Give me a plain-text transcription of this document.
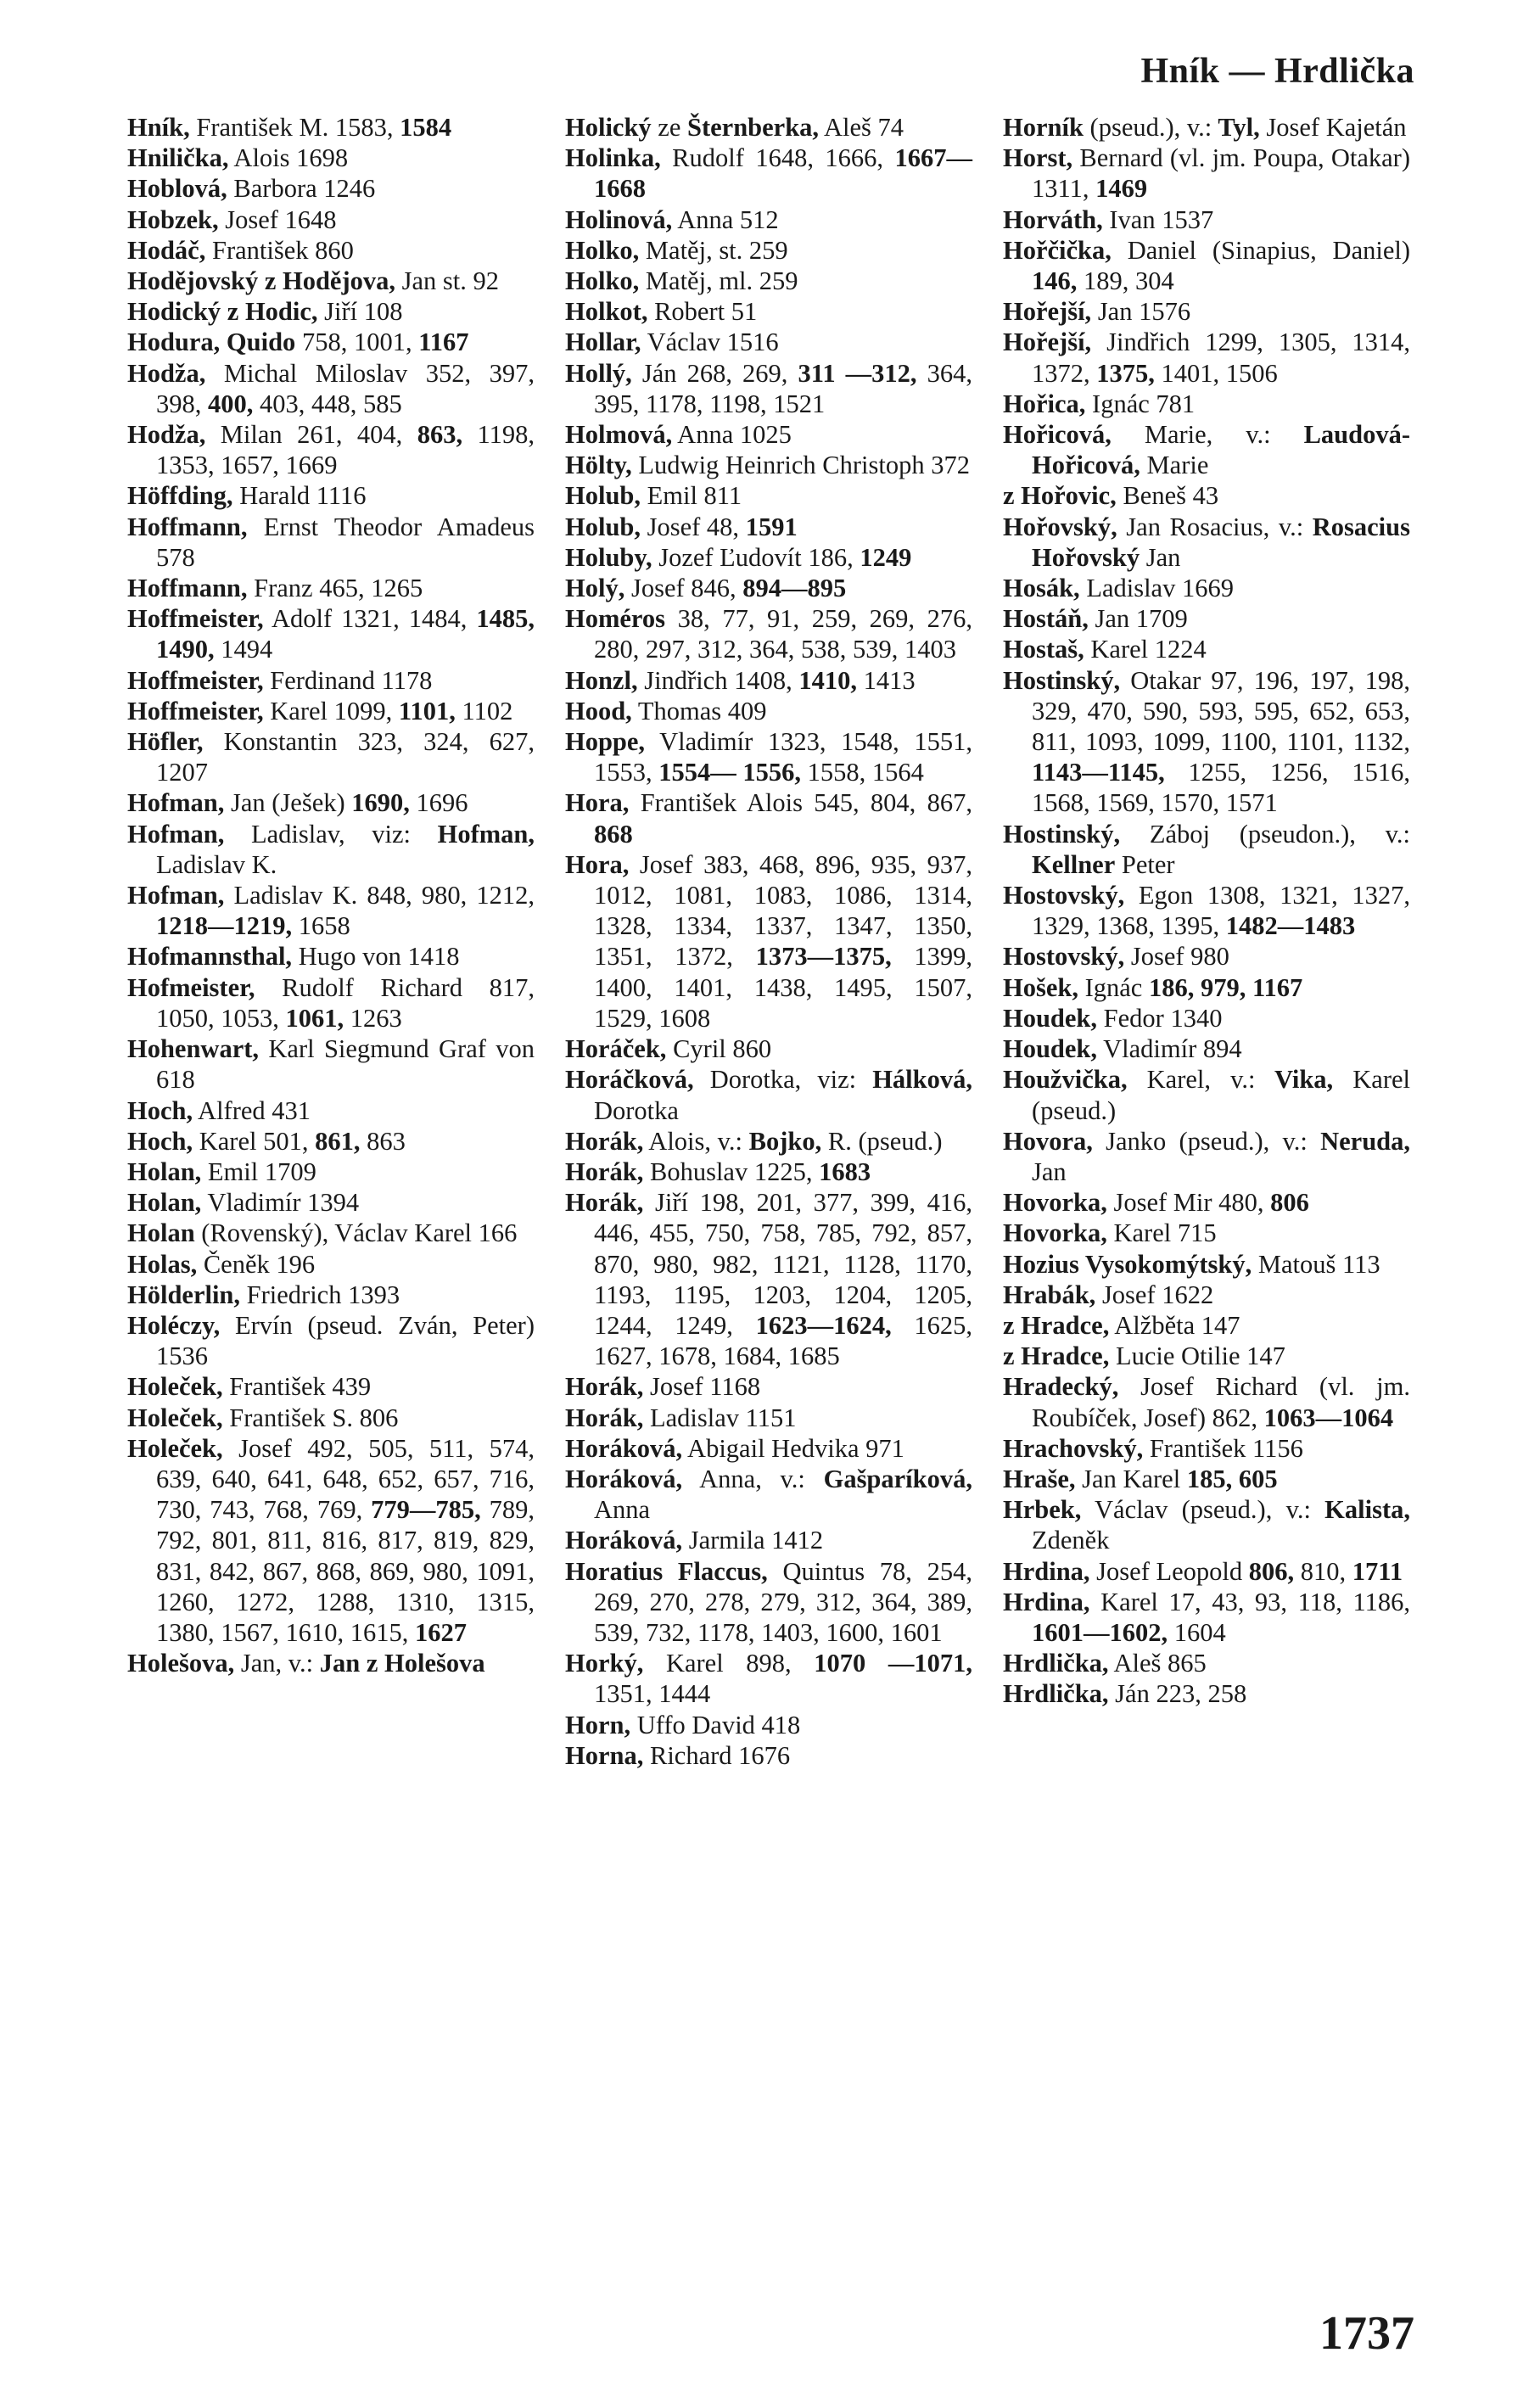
Hník — Hrdlička
Hník, František M. 1583, 1584
Hnilička, Alois 1698
Hoblová, Barbora 1246
Hobzek, Josef 1648
Hodáč, František 860
Hodějovský z Hodějova, Jan st. 92
Hodický z Hodic, Jiří 108
Hodura, Quido 758, 1001, 1167
Hodža, Michal Miloslav 352, 397, 398, 400, 403, 448, 585
Hodža, Milan 261, 404, 863, 1198, 1353, 1657, 1669
Höffding, Harald 1116
Hoffmann, Ernst Theodor Amadeus 578
Hoffmann, Franz 465, 1265
Hoffmeister, Adolf 1321, 1484, 1485, 1490, 1494
Hoffmeister, Ferdinand 1178
Hoffmeister, Karel 1099, 1101, 1102
Höfler, Konstantin 323, 324, 627, 1207
Hofman, Jan (Ješek) 1690, 1696
Hofman, Ladislav, viz: Hofman, Ladislav K.
Hofman, Ladislav K. 848, 980, 1212, 1218—1219, 1658
Hofmannsthal, Hugo von 1418
Hofmeister, Rudolf Richard 817, 1050, 1053, 1061, 1263
Hohenwart, Karl Siegmund Graf von 618
Hoch, Alfred 431
Hoch, Karel 501, 861, 863
Holan, Emil 1709
Holan, Vladimír 1394
Holan (Rovenský), Václav Karel 166
Holas, Čeněk 196
Hölderlin, Friedrich 1393
Holéczy, Ervín (pseud. Zván, Peter) 1536
Holeček, František 439
Holeček, František S. 806
Holeček, Josef 492, 505, 511, 574, 639, 640, 641, 648, 652, 657, 716, 730, 743, 768, 769, 779—785, 789, 792, 801, 811, 816, 817, 819, 829, 831, 842, 867, 868, 869, 980, 1091, 1260, 1272, 1288, 1310, 1315, 1380, 1567, 1610, 1615, 1627
Holešova, Jan, v.: Jan z Holešova
Holický ze Šternberka, Aleš 74
Holinka, Rudolf 1648, 1666, 1667—1668
Holinová, Anna 512
Holko, Matěj, st. 259
Holko, Matěj, ml. 259
Holkot, Robert 51
Hollar, Václav 1516
Hollý, Ján 268, 269, 311 —312, 364, 395, 1178, 1198, 1521
Holmová, Anna 1025
Hölty, Ludwig Heinrich Christoph 372
Holub, Emil 811
Holub, Josef 48, 1591
Holuby, Jozef Ľudovít 186, 1249
Holý, Josef 846, 894—895
Homéros 38, 77, 91, 259, 269, 276, 280, 297, 312, 364, 538, 539, 1403
Honzl, Jindřich 1408, 1410, 1413
Hood, Thomas 409
Hoppe, Vladimír 1323, 1548, 1551, 1553, 1554— 1556, 1558, 1564
Hora, František Alois 545, 804, 867, 868
Hora, Josef 383, 468, 896, 935, 937, 1012, 1081, 1083, 1086, 1314, 1328, 1334, 1337, 1347, 1350, 1351, 1372, 1373—1375, 1399, 1400, 1401, 1438, 1495, 1507, 1529, 1608
Horáček, Cyril 860
Horáčková, Dorotka, viz: Hálková, Dorotka
Horák, Alois, v.: Bojko, R. (pseud.)
Horák, Bohuslav 1225, 1683
Horák, Jiří 198, 201, 377, 399, 416, 446, 455, 750, 758, 785, 792, 857, 870, 980, 982, 1121, 1128, 1170, 1193, 1195, 1203, 1204, 1205, 1244, 1249, 1623—1624, 1625, 1627, 1678, 1684, 1685
Horák, Josef 1168
Horák, Ladislav 1151
Horáková, Abigail Hedvika 971
Horáková, Anna, v.: Gašparíková, Anna
Horáková, Jarmila 1412
Horatius Flaccus, Quintus 78, 254, 269, 270, 278, 279, 312, 364, 389, 539, 732, 1178, 1403, 1600, 1601
Horký, Karel 898, 1070 —1071, 1351, 1444
Horn, Uffo David 418
Horna, Richard 1676
Horník (pseud.), v.: Tyl, Josef Kajetán
Horst, Bernard (vl. jm. Poupa, Otakar) 1311, 1469
Horváth, Ivan 1537
Hořčička, Daniel (Sinapius, Daniel) 146, 189, 304
Hořejší, Jan 1576
Hořejší, Jindřich 1299, 1305, 1314, 1372, 1375, 1401, 1506
Hořica, Ignác 781
Hořicová, Marie, v.: Laudová-Hořicová, Marie
z Hořovic, Beneš 43
Hořovský, Jan Rosacius, v.: Rosacius Hořovský Jan
Hosák, Ladislav 1669
Hostáň, Jan 1709
Hostaš, Karel 1224
Hostinský, Otakar 97, 196, 197, 198, 329, 470, 590, 593, 595, 652, 653, 811, 1093, 1099, 1100, 1101, 1132, 1143—1145, 1255, 1256, 1516, 1568, 1569, 1570, 1571
Hostinský, Záboj (pseudon.), v.: Kellner Peter
Hostovský, Egon 1308, 1321, 1327, 1329, 1368, 1395, 1482—1483
Hostovský, Josef 980
Hošek, Ignác 186, 979, 1167
Houdek, Fedor 1340
Houdek, Vladimír 894
Houžvička, Karel, v.: Vika, Karel (pseud.)
Hovora, Janko (pseud.), v.: Neruda, Jan
Hovorka, Josef Mir 480, 806
Hovorka, Karel 715
Hozius Vysokomýtský, Matouš 113
Hrabák, Josef 1622
z Hradce, Alžběta 147
z Hradce, Lucie Otilie 147
Hradecký, Josef Richard (vl. jm. Roubíček, Josef) 862, 1063—1064
Hrachovský, František 1156
Hraše, Jan Karel 185, 605
Hrbek, Václav (pseud.), v.: Kalista, Zdeněk
Hrdina, Josef Leopold 806, 810, 1711
Hrdina, Karel 17, 43, 93, 118, 1186, 1601—1602, 1604
Hrdlička, Aleš 865
Hrdlička, Ján 223, 258
1737
